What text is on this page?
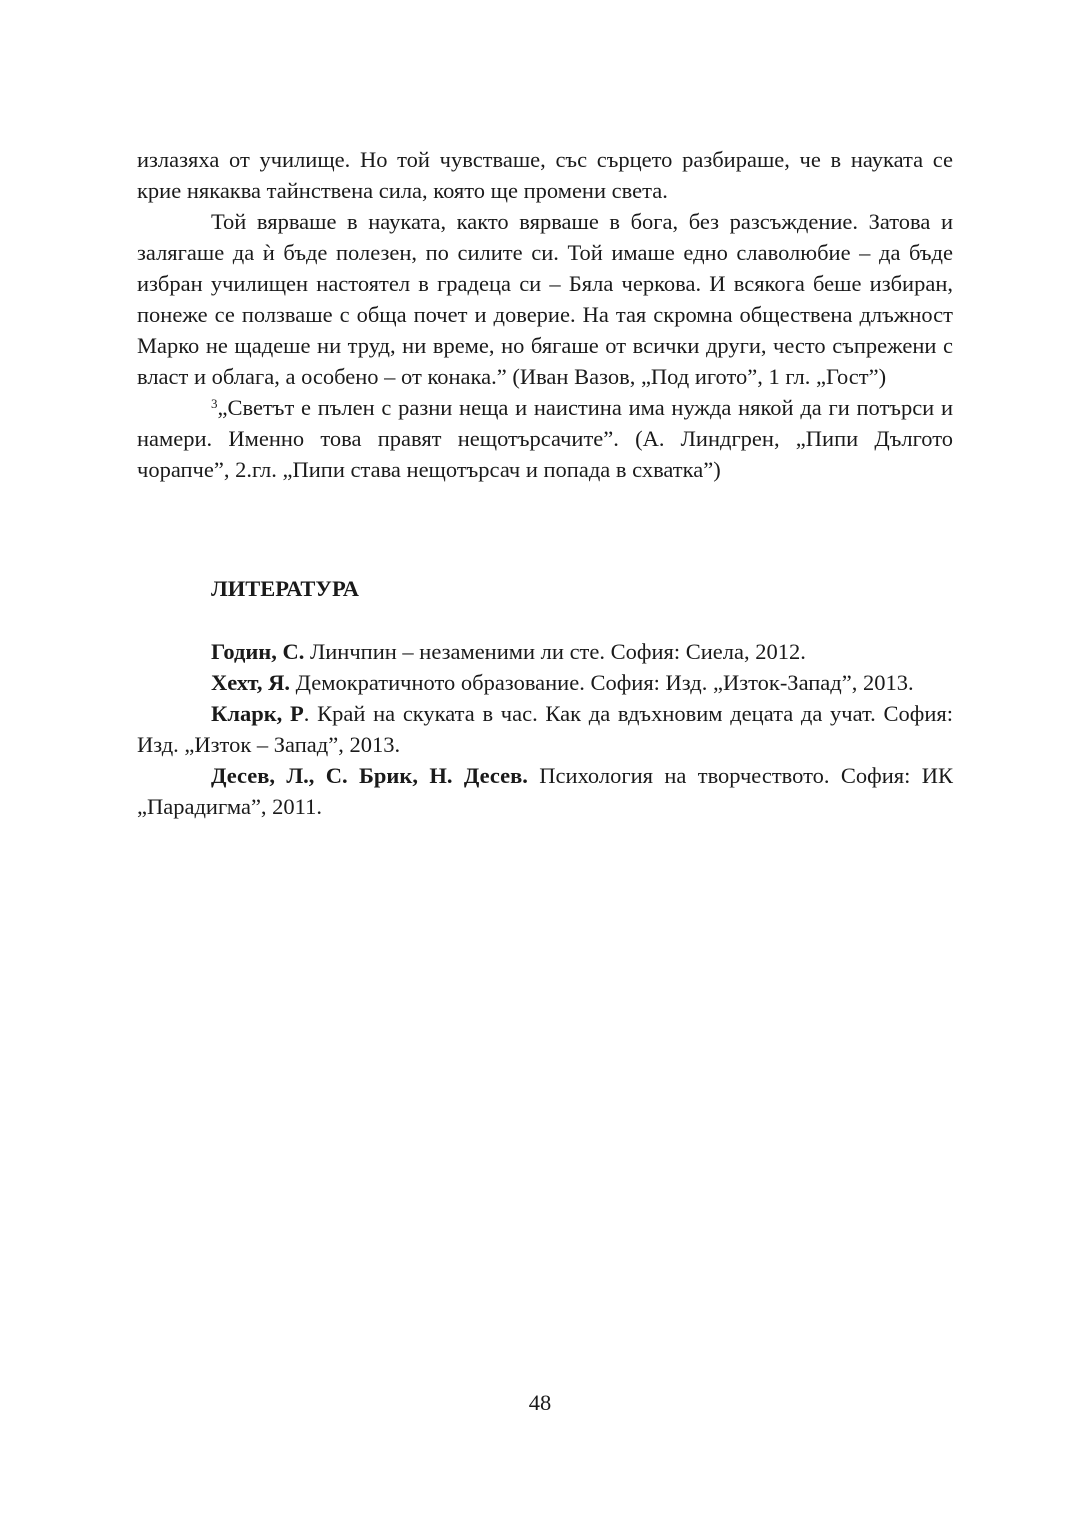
излазяха от училище. Но той чувстваше, със сърцето разбираше, че в науката се крие някаква тайнствена сила, която ще промени света.

Той вярваше в науката, както вярваше в бога, без разсъждение. Затова и залягаше да ѝ бъде полезен, по силите си. Той имаше едно славолюбие – да бъде избран училищен настоятел в градеца си – Бяла черкова. И всякога беше избиран, понеже се ползваше с обща почет и доверие. На тая скромна обществена длъжност Марко не щадеше ни труд, ни време, но бягаше от всички други, често съпрежени с власт и облага, а особено – от конака.” (Иван Вазов, „Под игото”, 1 гл. „Гост”)

$^3$„Светът е пълен с разни неща и наистина има нужда някой да ги потърси и намери. Именно това правят нещотърсачите”. (А. Линдгрен, „Пипи Дългото чорапче”, 2.гл. „Пипи става нещотърсач и попада в схватка”)

ЛИТЕРАТУРА

Годин, С. Линчпин – незаменими ли сте. София: Сиела, 2012.

Хехт, Я. Демократичното образование. София: Изд. „Изток-Запад”, 2013.

Кларк, Р. Край на скуката в час. Как да вдъхновим децата да учат. София: Изд. „Изток – Запад”, 2013.

Десев, Л., С. Брик, Н. Десев. Психология на творчеството. София: ИК „Парадигма”, 2011.

48
